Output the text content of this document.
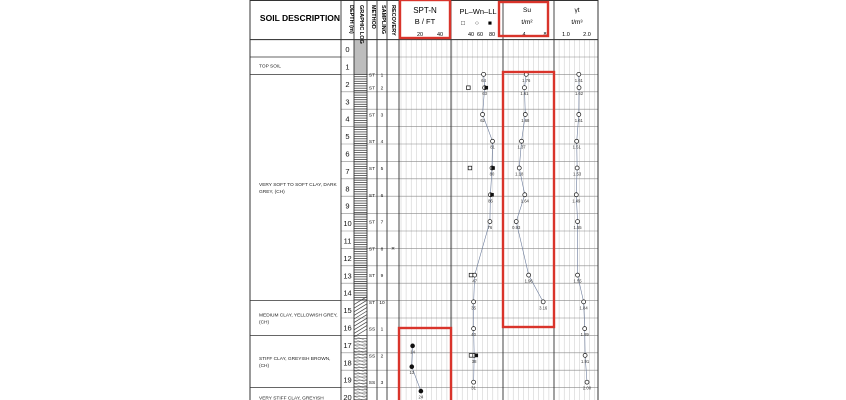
SOIL DESCRIPTION DEPTH (m) GRAPHIC LOG METHOD SAMPLING RECOVERY SPT-N
B / FT
20	40
PL–Wn–LL
□ ○ ■
40 60 80
Su
t/m²
4	8
γt
t/m³
1.0 2.0
TOP SOIL
VERY SOFT TO SOFT CLAY, DARK
GREY, (CH)
MEDIUM CLAY, YELLOWISH GREY,
(CH)
STIFF CLAY, GREYISH BROWN,
(CH)
VERY STIFF CLAY, GREYISH
0
1
2
3
4
5
6
7
8
9
10
11
12
13
14
15
16
17
18
19
20
ST 1
ST 2
ST 3
ST 4
ST 5
ST 6
ST 7
ST 8 ×
ST 9
ST 10
SS 1
SS 2
SS 3
64
63
62
81
80
86
76
47
35
40
38
31
1.76
1.61
1.68
1.37
1.18
1.64
0.93
1.96
3.16
1.61
1.62
1.61
1.51
1.53
1.49
1.55
1.55
1.84
1.89
1.91
2.00
14
13
24
